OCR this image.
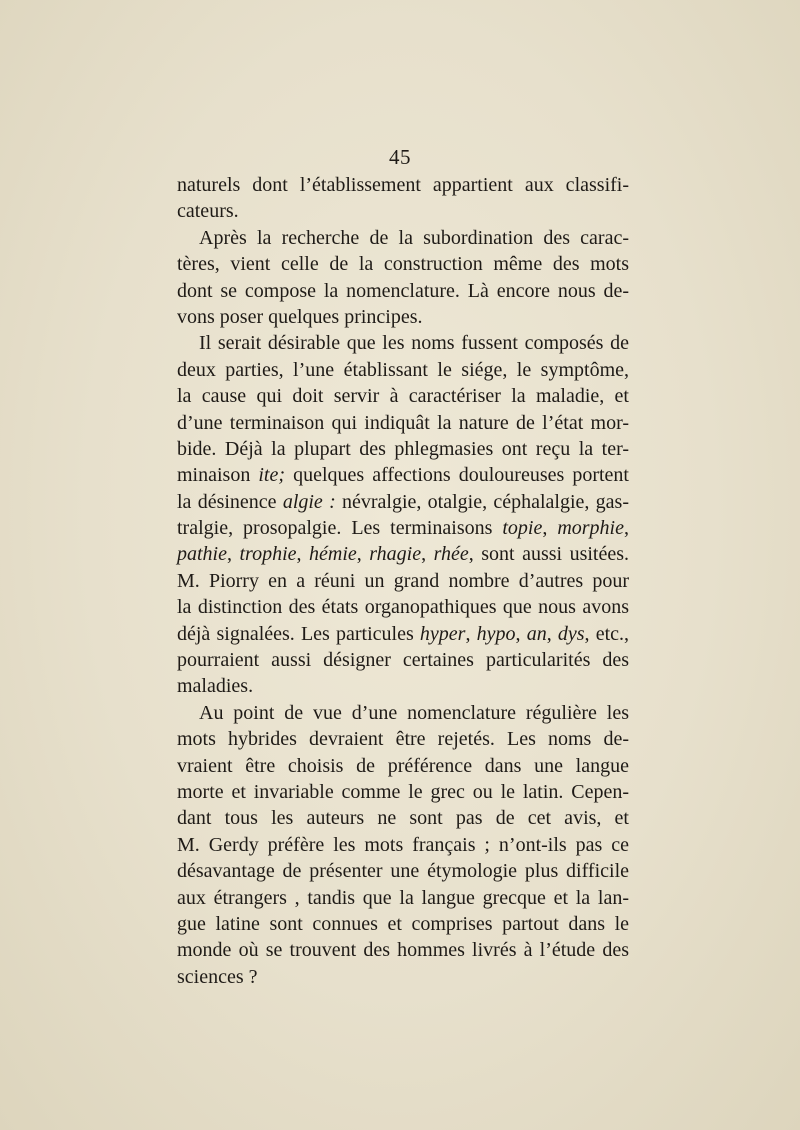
45
naturels dont l’établissement appartient aux classifi-
cateurs.
Après la recherche de la subordination des carac-
tères, vient celle de la construction même des mots
dont se compose la nomenclature. Là encore nous de-
vons poser quelques principes.
Il serait désirable que les noms fussent composés de
deux parties, l’une établissant le siége, le symptôme,
la cause qui doit servir à caractériser la maladie, et
d’une terminaison qui indiquât la nature de l’état mor-
bide. Déjà la plupart des phlegmasies ont reçu la ter-
minaison ite; quelques affections douloureuses portent
la désinence algie : névralgie, otalgie, céphalalgie, gas-
tralgie, prosopalgie. Les terminaisons topie, morphie,
pathie, trophie, hémie, rhagie, rhée, sont aussi usitées.
M. Piorry en a réuni un grand nombre d’autres pour
la distinction des états organopathiques que nous avons
déjà signalées. Les particules hyper, hypo, an, dys, etc.,
pourraient aussi désigner certaines particularités des
maladies.
Au point de vue d’une nomenclature régulière les
mots hybrides devraient être rejetés. Les noms de-
vraient être choisis de préférence dans une langue
morte et invariable comme le grec ou le latin. Cepen-
dant tous les auteurs ne sont pas de cet avis, et
M. Gerdy préfère les mots français ; n’ont-ils pas ce
désavantage de présenter une étymologie plus difficile
aux étrangers , tandis que la langue grecque et la lan-
gue latine sont connues et comprises partout dans le
monde où se trouvent des hommes livrés à l’étude des
sciences ?
